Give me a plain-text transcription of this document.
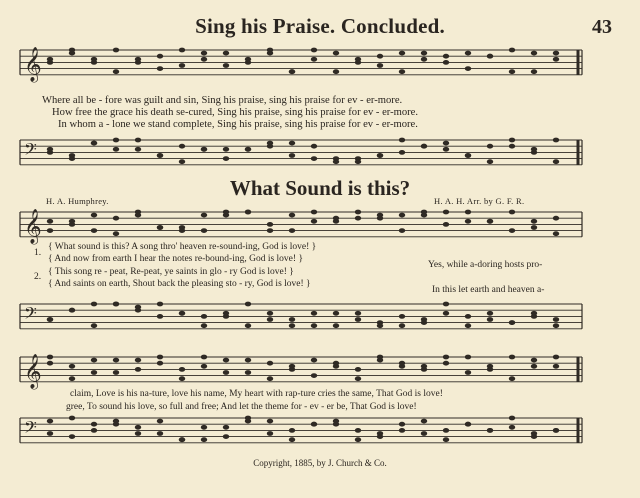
Sing his Praise. Concluded.	43
What Sound is this?
H. A. Humphrey.	H. A. H. Arr. by G. F. R.
𝄞
𝄢
𝄞
𝄢
𝄞
𝄢
Where all be - fore was guilt and sin, Sing his praise, sing his praise for ev - er-more.
How free the grace his death se-cured, Sing his praise, sing his praise for ev - er-more.
In whom a - lone we stand complete, Sing his praise, sing his praise for ev - er-more.
1.
2.
{ What sound is this? A song thro' heaven re-sound-ing, God is love! }
{ And now from earth I hear the notes re-bound-ing, God is love! }
{ This song re - peat, Re-peat, ye saints in glo - ry God is love! }
{ And saints on earth, Shout back the pleasing sto - ry, God is love! }
Yes, while a-doring hosts pro-
In this let earth and heaven a-
claim, Love is his na-ture, love his name, My heart with rap-ture cries the same, That God is love!
gree, To sound his love, so full and free; And let the theme for - ev - er be, That God is love!
Copyright, 1885, by J. Church & Co.
